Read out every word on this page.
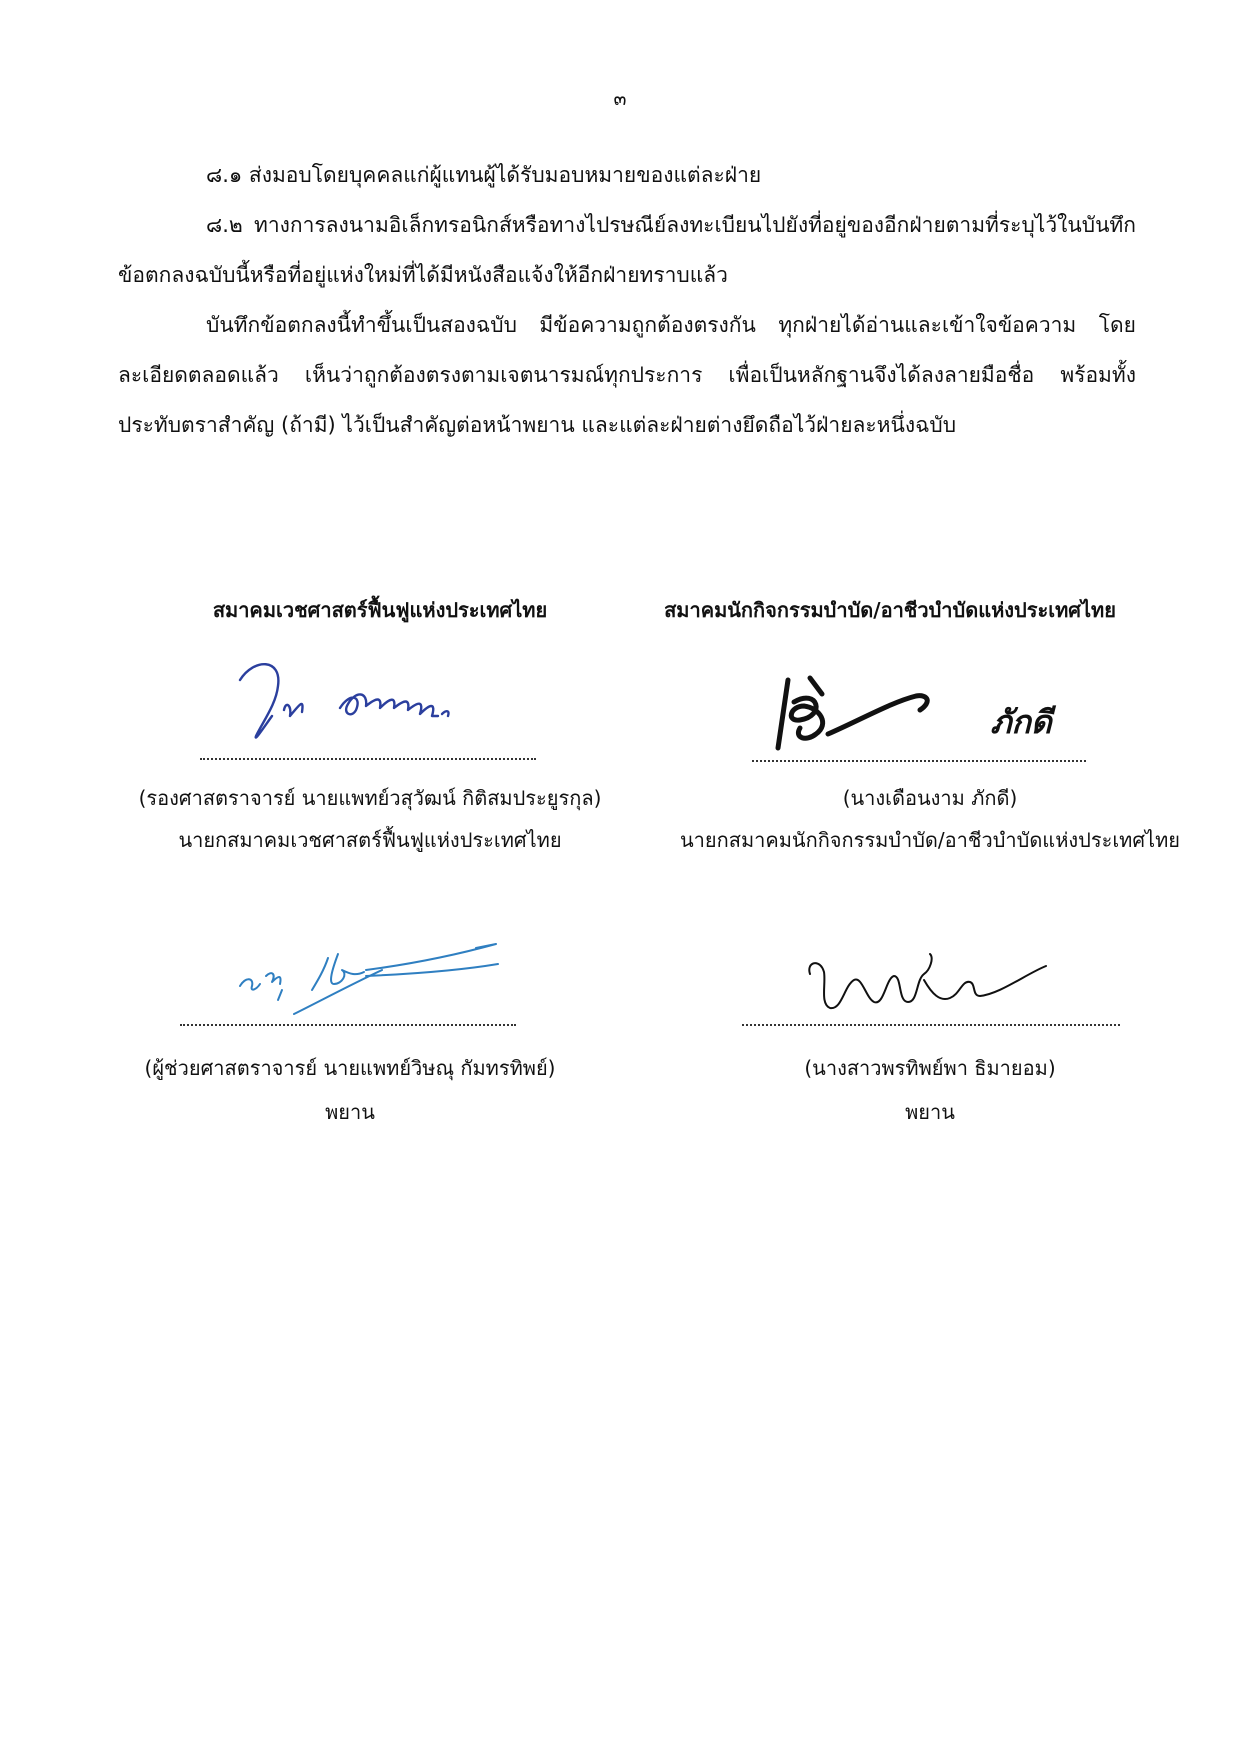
๓

๘.๑ ส่งมอบโดยบุคคลแก่ผู้แทนผู้ได้รับมอบหมายของแต่ละฝ่าย

๘.๒ ทางการลงนามอิเล็กทรอนิกส์หรือทางไปรษณีย์ลงทะเบียนไปยังที่อยู่ของอีกฝ่ายตามที่ระบุไว้ในบันทึกข้อตกลงฉบับนี้หรือที่อยู่แห่งใหม่ที่ได้มีหนังสือแจ้งให้อีกฝ่ายทราบแล้ว

บันทึกข้อตกลงนี้ทำขึ้นเป็นสองฉบับ มีข้อความถูกต้องตรงกัน ทุกฝ่ายได้อ่านและเข้าใจข้อความ โดยละเอียดตลอดแล้ว เห็นว่าถูกต้องตรงตามเจตนารมณ์ทุกประการ เพื่อเป็นหลักฐานจึงได้ลงลายมือชื่อ พร้อมทั้งประทับตราสำคัญ (ถ้ามี) ไว้เป็นสำคัญต่อหน้าพยาน และแต่ละฝ่ายต่างยึดถือไว้ฝ่ายละหนึ่งฉบับ

สมาคมเวชศาสตร์ฟื้นฟูแห่งประเทศไทย
(รองศาสตราจารย์ นายแพทย์วสุวัฒน์ กิติสมประยูรกุล)
นายกสมาคมเวชศาสตร์ฟื้นฟูแห่งประเทศไทย
สมาคมนักกิจกรรมบำบัด/อาชีวบำบัดแห่งประเทศไทย
ภักดี
(นางเดือนงาม ภักดี)
นายกสมาคมนักกิจกรรมบำบัด/อาชีวบำบัดแห่งประเทศไทย
(ผู้ช่วยศาสตราจารย์ นายแพทย์วิษณุ กัมทรทิพย์)
พยาน
(นางสาวพรทิพย์พา ธิมายอม)
พยาน
